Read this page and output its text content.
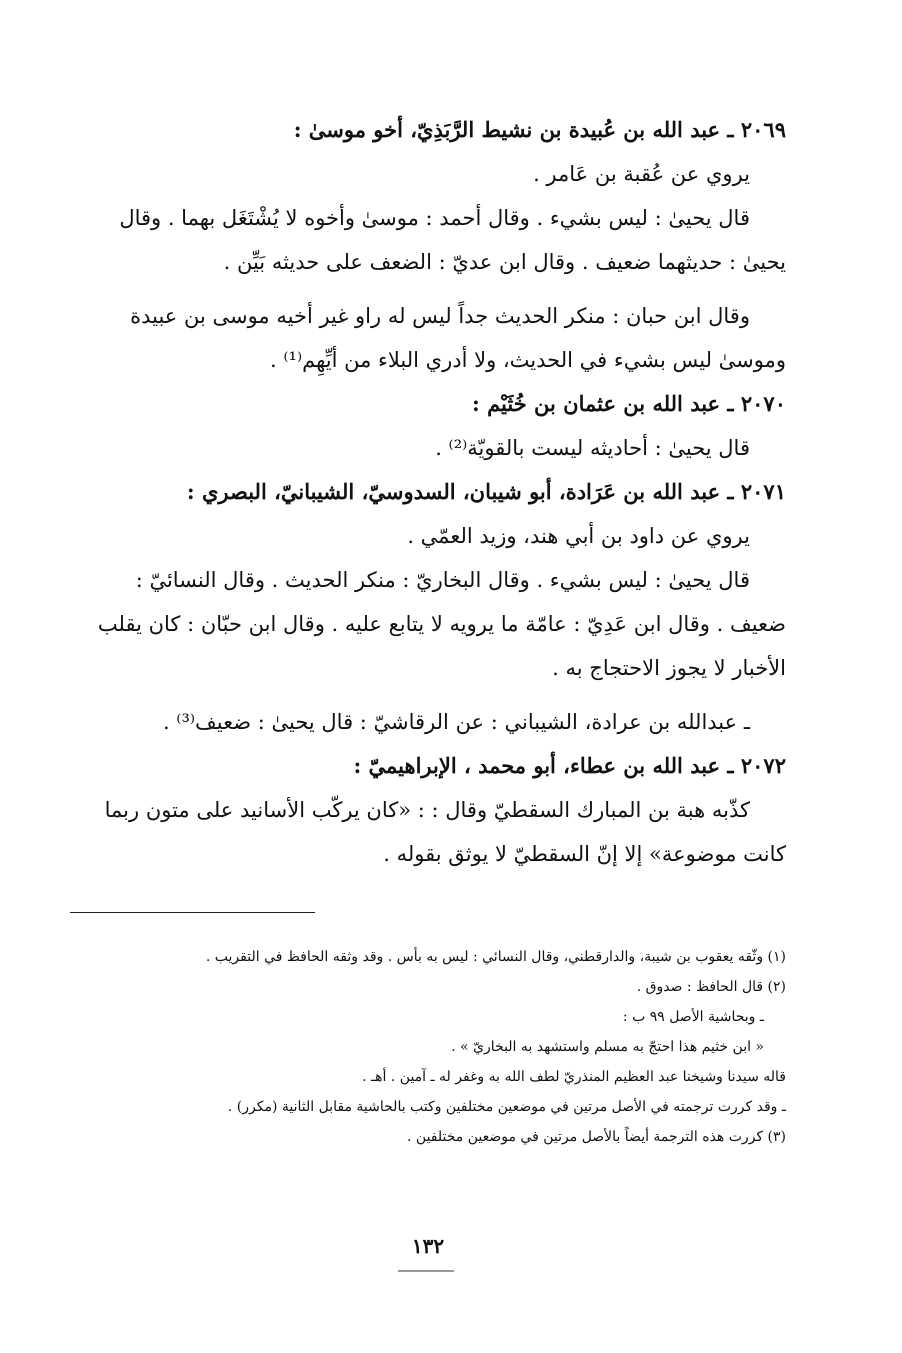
٢٠٦٩ ـ عبد الله بن عُبيدة بن نشيط الرَّبَذِيّ، أخو موسىٰ :
يروي عن عُقبة بن عَامر .
قال يحيىٰ : ليس بشيء . وقال أحمد : موسىٰ وأخوه لا يُشْتَغَل بهما . وقال
يحيىٰ : حديثهما ضعيف . وقال ابن عديّ : الضعف على حديثه بَيِّن .
وقال ابن حبان : منكر الحديث جداً ليس له راو غير أخيه موسى بن عبيدة
وموسىٰ ليس بشيء في الحديث، ولا أدري البلاء من أيِّهِم⁽¹⁾ .
٢٠٧٠ ـ عبد الله بن عثمان بن خُثَيْم :
قال يحيىٰ : أحاديثه ليست بالقويّة⁽²⁾ .
٢٠٧١ ـ عبد الله بن عَرَادة، أبو شيبان، السدوسيّ، الشيبانيّ، البصري :
يروي عن داود بن أبي هند، وزيد العمّي .
قال يحيىٰ : ليس بشيء . وقال البخاريّ : منكر الحديث . وقال النسائيّ :
ضعيف . وقال ابن عَدِيّ : عامّة ما يرويه لا يتابع عليه . وقال ابن حبّان : كان يقلب
الأخبار لا يجوز الاحتجاج به .
ـ عبدالله بن عرادة، الشيباني : عن الرقاشيّ : قال يحيىٰ : ضعيف⁽³⁾ .
٢٠٧٢ ـ عبد الله بن عطاء، أبو محمد ، الإبراهيميّ :
كذّبه هبة بن المبارك السقطيّ وقال : : «كان يركّب الأسانيد على متون ربما
كانت موضوعة» إلا إنّ السقطيّ لا يوثق بقوله .
(١) وثّقه يعقوب بن شيبة، والدارقطني، وقال النسائي : ليس به بأس . وقد وثقه الحافظ في التقريب .
(٢) قال الحافظ : صدوق .
ـ وبحاشية الأصل ٩٩ ب :
« ابن خثيم هذا احتجّ به مسلم واستشهد به البخاريّ » .
قاله سيدنا وشيخنا عبد العظيم المنذريّ لطف الله به وغفر له ـ آمين . أهـ .
ـ وقد كررت ترجمته في الأصل مرتين في موضعين مختلفين وكتب بالحاشية مقابل الثانية (مكرر) .
(٣) كررت هذه الترجمة أيضاً بالأصل مرتين في موضعين مختلفين .
١٣٢
